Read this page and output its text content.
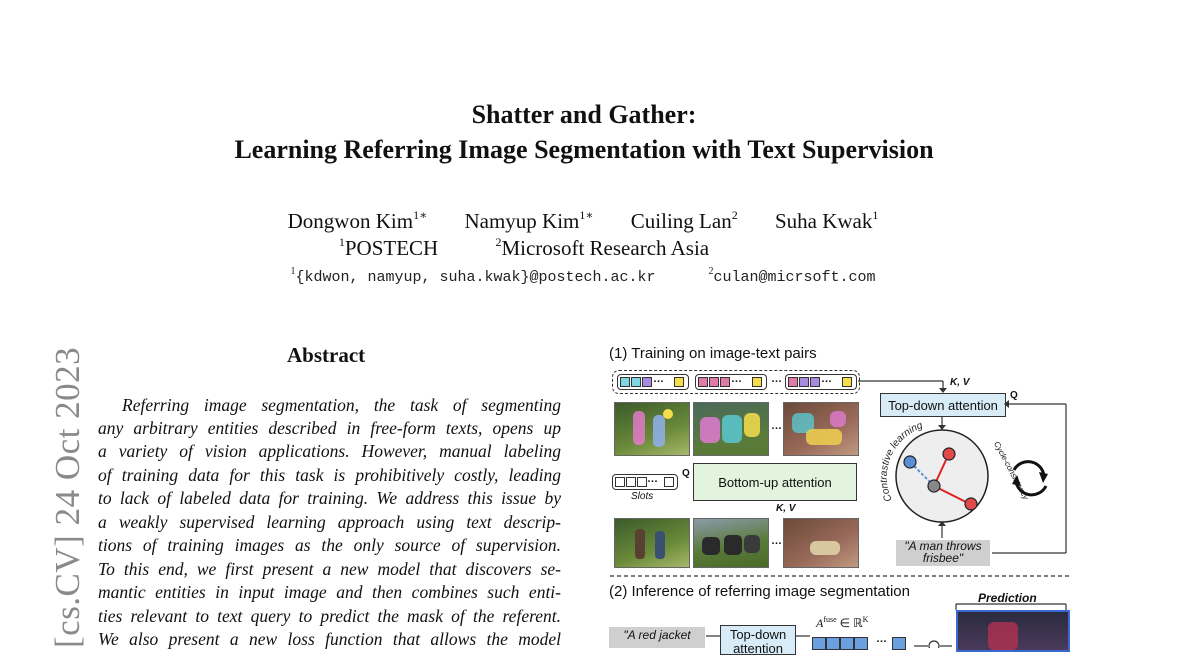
[cs.CV] 24 Oct 2023
Shatter and Gather:
Learning Referring Image Segmentation with Text Supervision
Dongwon Kim$^{1∗}$ Namyup Kim$^{1∗}$ Cuiling Lan$^2$ Suha Kwak$^1$
$^1$POSTECH	$^2$Microsoft Research Asia
$^1${kdwon, namyup, suha.kwak}@postech.ac.kr	$^2$culan@micrsoft.com
Abstract
Referring image segmentation, the task of segmenting
any arbitrary entities described in free-form texts, opens up
a variety of vision applications. However, manual labeling
of training data for this task is prohibitively costly, leading
to lack of labeled data for training. We address this issue by
a weakly supervised learning approach using text descrip-
tions of training images as the only source of supervision.
To this end, we first present a new model that discovers se-
mantic entities in input image and then combines such enti-
ties relevant to text query to predict the mask of the referent.
We also present a new loss function that allows the model
(1) Training on image-text pairs
…	…	…	…
…
…
Slots
Q
Bottom-up attention
K, V
…
Top-down attention
K, V
Q
Contrastive learning
Cycle-consistency
"A man throws
frisbee"
(2) Inference of referring image segmentation
"A red jacket	Top-down
attention
$A^{fuse}$ ∈ ℝ$^K$
…
Prediction
